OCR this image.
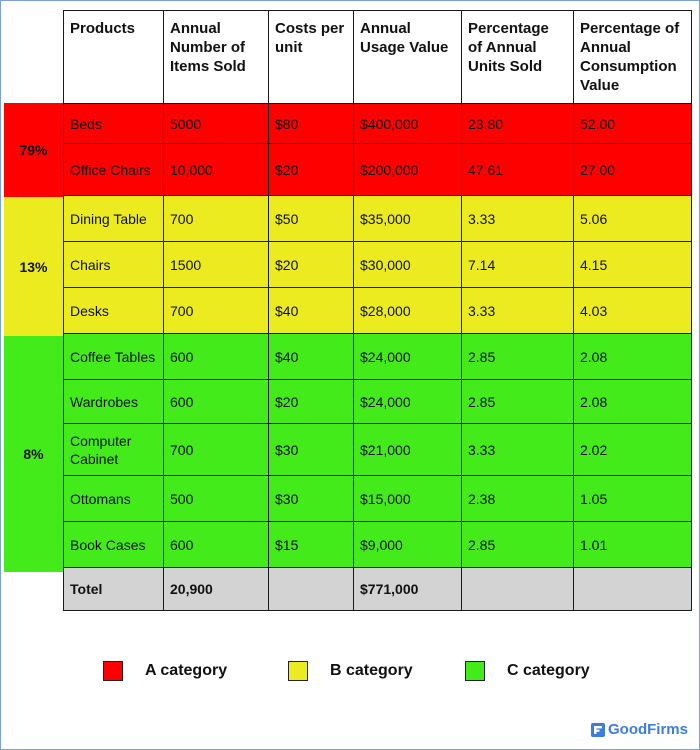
79%
13%
8%
Products	Annual Number of Items Sold	Costs per unit	Annual Usage Value	Percentage of Annual Units Sold	Percentage of Annual Consumption Value
Beds	5000	$80	$400,000	23.80	52.00
Office Chairs	10,000	$20	$200,000	47.61	27.00
Dining Table	700	$50	$35,000	3.33	5.06
Chairs	1500	$20	$30,000	7.14	4.15
Desks	700	$40	$28,000	3.33	4.03
Coffee Tables	600	$40	$24,000	2.85	2.08
Wardrobes	600	$20	$24,000	2.85	2.08
Computer Cabinet	700	$30	$21,000	3.33	2.02
Ottomans	500	$30	$15,000	2.38	1.05
Book Cases	600	$15	$9,000	2.85	1.01
Totel	20,900		$771,000		
A category	B category	C category
GoodFirms
